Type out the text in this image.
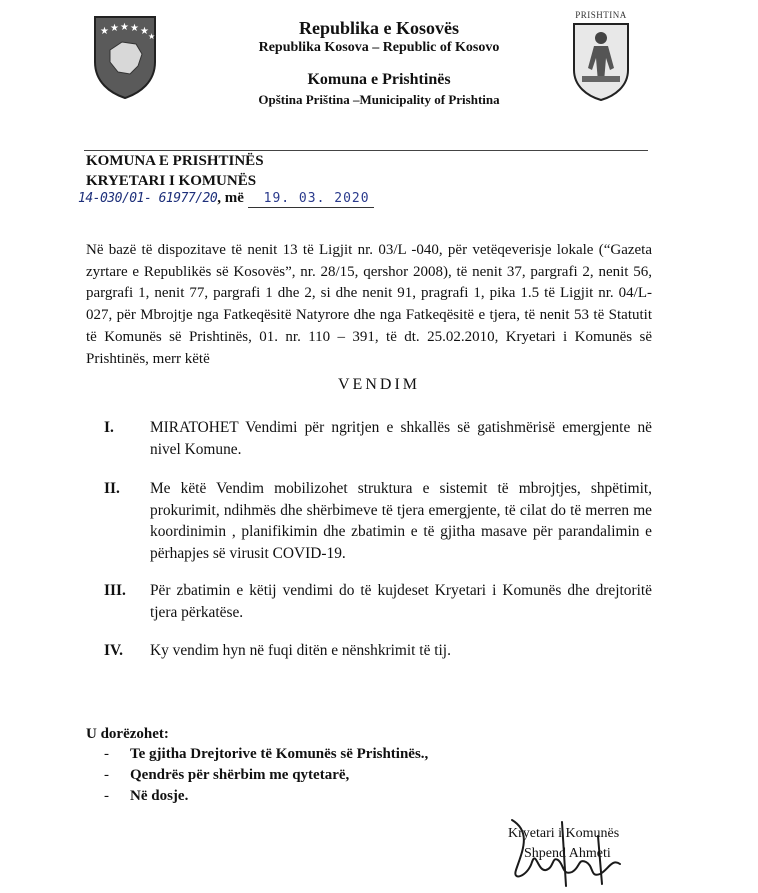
★ ★ ★ ★ ★ ★
PRISHTINA
Republika e Kosovës
Republika Kosova – Republic of Kosovo
Komuna e Prishtinës
Opština Priština –Municipality of Prishtina
KOMUNA E PRISHTINËS
KRYETARI I KOMUNËS
14-030/01- 61977/20, më 19. 03. 2020
Në bazë të dispozitave të nenit 13 të Ligjit nr. 03/L -040, për vetëqeverisje lokale (“Gazeta zyrtare e Republikës së Kosovës”, nr. 28/15, qershor 2008), të nenit 37, pargrafi 2, nenit 56, pargrafi 1, nenit 77, pargrafi 1 dhe 2, si dhe nenit 91, pragrafi 1, pika 1.5 të Ligjit nr. 04/L-027, për Mbrojtje nga Fatkeqësitë Natyrore dhe nga Fatkeqësitë e tjera, të nenit 53 të Statutit të Komunës së Prishtinës, 01. nr. 110 – 391, të dt. 25.02.2010, Kryetari i Komunës së Prishtinës, merr këtë
VENDIM
I.	MIRATOHET Vendimi për ngritjen e shkallës së gatishmërisë emergjente në nivel Komune.
II.	Me këtë Vendim mobilizohet struktura e sistemit të mbrojtjes, shpëtimit, prokurimit, ndihmës dhe shërbimeve të tjera emergjente, të cilat do të merren me koordinimin , planifikimin dhe zbatimin e të gjitha masave për parandalimin e përhapjes së virusit COVID-19.
III.	Për zbatimin e këtij vendimi do të kujdeset Kryetari i Komunës dhe drejtoritë tjera përkatëse.
IV.	Ky vendim hyn në fuqi ditën e nënshkrimit të tij.
U dorëzohet:
- Te gjitha Drejtorive të Komunës së Prishtinës.,
- Qendrës për shërbim me qytetarë,
- Në dosje.
Kryetari i Komunës
Shpend Ahmeti
